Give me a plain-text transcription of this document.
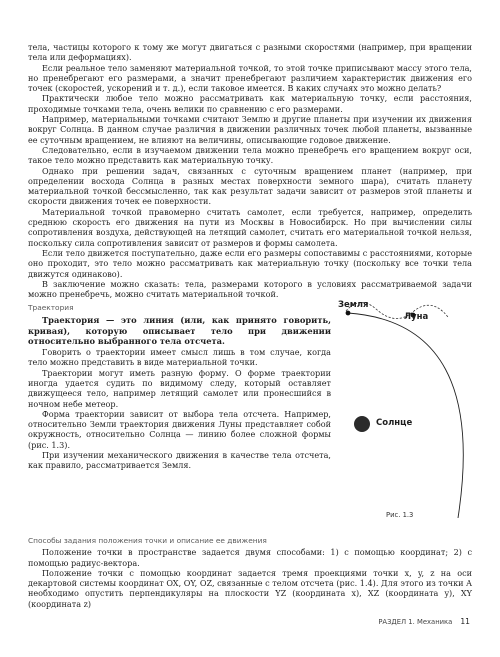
тела, частицы которого к тому же могут двигаться с разными скоростями (например, при вращении тела или деформациях).

Если реальное тело заменяют материальной точкой, то этой точке приписывают массу этого тела, но пренебрегают его размерами, а значит пренебрегают различием характеристик движения его точек (скоростей, ускорений и т. д.), если таковое имеется. В каких случаях это можно делать?

Практически любое тело можно рассматривать как материальную точку, если расстояния, проходимые точками тела, очень велики по сравнению с его размерами.

Например, материальными точками считают Землю и другие планеты при изучении их движения вокруг Солнца. В данном случае различия в движении различных точек любой планеты, вызванные ее суточным вращением, не влияют на величины, описывающие годовое движение.

Следовательно, если в изучаемом движении тела можно пренебречь его вращением вокруг оси, такое тело можно представить как материальную точку.

Однако при решении задач, связанных с суточным вращением планет (например, при определении восхода Солнца в разных местах поверхности земного шара), считать планету материальной точкой бессмысленно, так как результат задачи зависит от размеров этой планеты и скорости движения точек ее поверхности.

Материальной точкой правомерно считать самолет, если требуется, например, определить среднюю скорость его движения на пути из Москвы в Новосибирск. Но при вычислении силы сопротивления воздуха, действующей на летящий самолет, считать его материальной точкой нельзя, поскольку сила сопротивления зависит от размеров и формы самолета.

Если тело движется поступательно, даже если его размеры сопоставимы с расстояниями, которые оно проходит, это тело можно рассматривать как материальную точку (поскольку все точки тела движутся одинаково).

В заключение можно сказать: тела, размерами которого в условиях рассматриваемой задачи можно пренебречь, можно считать материальной точкой.

Траектория

Траектория — это линия (или, как принято говорить, кривая), которую описывает тело при движении относительно выбранного тела отсчета.

Говорить о траектории имеет смысл лишь в том случае, когда тело можно представить в виде материальной точки.

Траектории могут иметь разную форму. О форме траектории иногда удается судить по видимому следу, который оставляет движущееся тело, например летящий самолет или пронесшийся в ночном небе метеор.

Форма траектории зависит от выбора тела отсчета. Например, относительно Земли траектория движения Луны представляет собой окружность, относительно Солнца — линию более сложной формы (рис. 1.3).

При изучении механического движения в качестве тела отсчета, как правило, рассматривается Земля.

Земля
Луна
Солнце
Рис. 1.3
Способы задания положения точки и описание ее движения

Положение точки в пространстве задается двумя способами: 1) с помощью координат; 2) с помощью радиус-вектора.

Положение точки с помощью координат задается тремя проекциями точки x, y, z на оси декартовой системы координат OX, OY, OZ, связанные с телом отсчета (рис. 1.4). Для этого из точки A необходимо опустить перпендикуляры на плоскости YZ (координата x), XZ (координата y), XY (координата z)

РАЗДЕЛ 1. Механика 11
